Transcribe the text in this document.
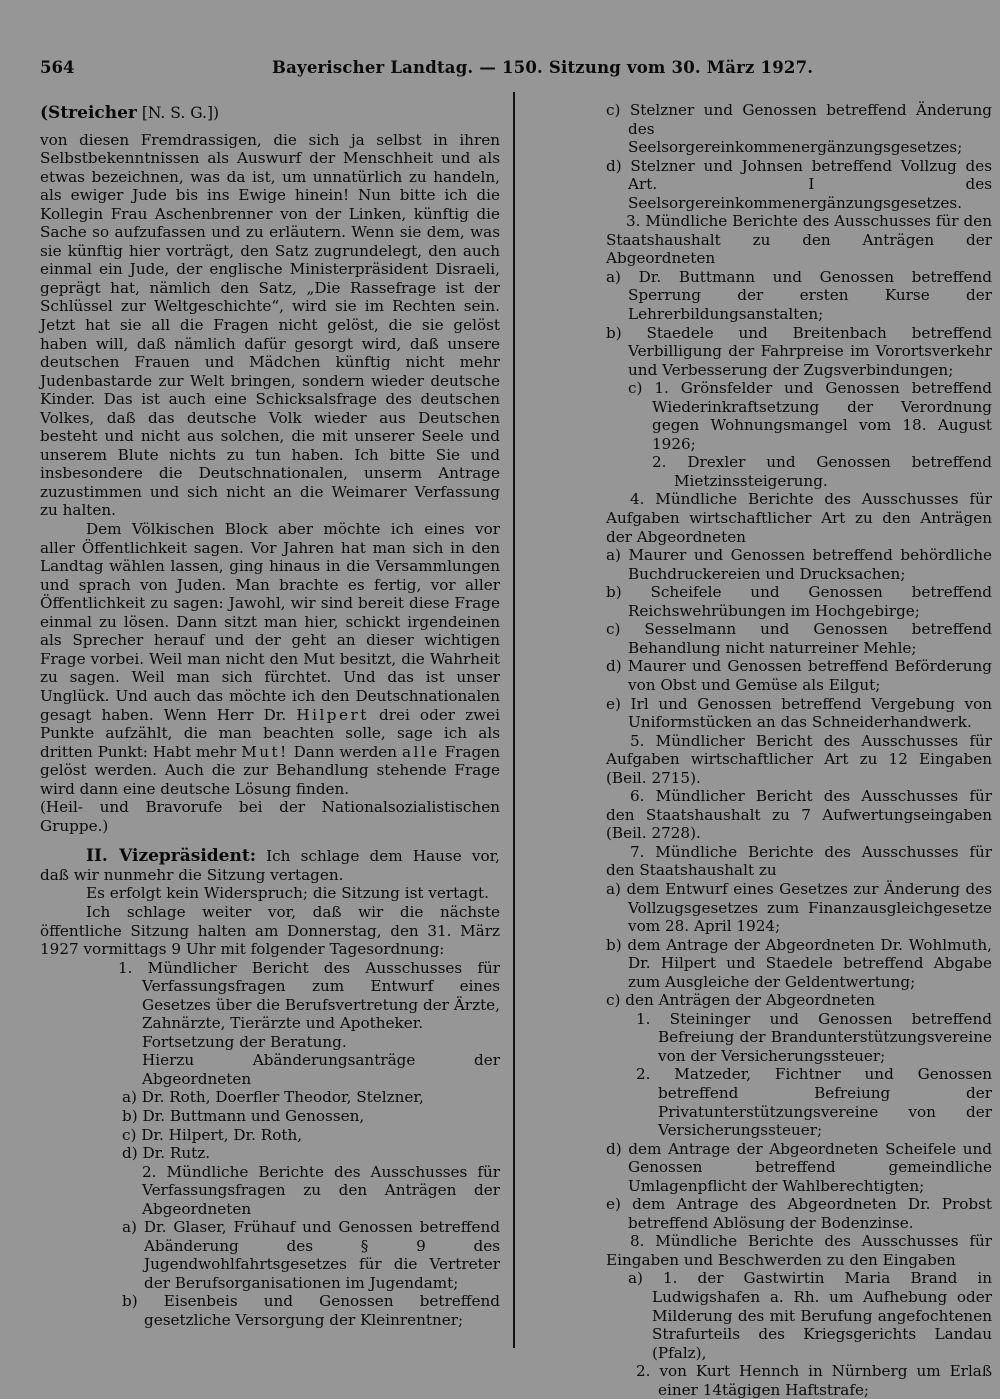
564	Bayerischer Landtag. — 150. Sitzung vom 30. März 1927.

(Streicher [N. S. G.])

von diesen Fremdrassigen, die sich ja selbst in ihren Selbstbekenntnissen als Auswurf der Menschheit und als etwas bezeichnen, was da ist, um unnatürlich zu handeln, als ewiger Jude bis ins Ewige hinein! Nun bitte ich die Kollegin Frau Aschenbrenner von der Linken, künftig die Sache so aufzufassen und zu erläutern. Wenn sie dem, was sie künftig hier vorträgt, den Satz zugrundelegt, den auch einmal ein Jude, der englische Ministerpräsident Disraeli, geprägt hat, nämlich den Satz, „Die Rassefrage ist der Schlüssel zur Weltgeschichte“, wird sie im Rechten sein. Jetzt hat sie all die Fragen nicht gelöst, die sie gelöst haben will, daß nämlich dafür gesorgt wird, daß unsere deutschen Frauen und Mädchen künftig nicht mehr Judenbastarde zur Welt bringen, sondern wieder deutsche Kinder. Das ist auch eine Schicksalsfrage des deutschen Volkes, daß das deutsche Volk wieder aus Deutschen besteht und nicht aus solchen, die mit unserer Seele und unserem Blute nichts zu tun haben. Ich bitte Sie und insbesondere die Deutschnationalen, unserm Antrage zuzustimmen und sich nicht an die Weimarer Verfassung zu halten.

Dem Völkischen Block aber möchte ich eines vor aller Öffentlichkeit sagen. Vor Jahren hat man sich in den Landtag wählen lassen, ging hinaus in die Versammlungen und sprach von Juden. Man brachte es fertig, vor aller Öffentlichkeit zu sagen: Jawohl, wir sind bereit diese Frage einmal zu lösen. Dann sitzt man hier, schickt irgendeinen als Sprecher herauf und der geht an dieser wichtigen Frage vorbei. Weil man nicht den Mut besitzt, die Wahrheit zu sagen. Weil man sich fürchtet. Und das ist unser Unglück. Und auch das möchte ich den Deutschnationalen gesagt haben. Wenn Herr Dr. Hilpert drei oder zwei Punkte aufzählt, die man beachten solle, sage ich als dritten Punkt: Habt mehr Mut! Dann werden alle Fragen gelöst werden. Auch die zur Behandlung stehende Frage wird dann eine deutsche Lösung finden.

(Heil- und Bravorufe bei der Nationalsozialistischen Gruppe.)

II. Vizepräsident: Ich schlage dem Hause vor, daß wir nunmehr die Sitzung vertagen.

Es erfolgt kein Widerspruch; die Sitzung ist vertagt.

Ich schlage weiter vor, daß wir die nächste öffentliche Sitzung halten am Donnerstag, den 31. März 1927 vormittags 9 Uhr mit folgender Tagesordnung:

1. Mündlicher Bericht des Ausschusses für Verfassungsfragen zum Entwurf eines Gesetzes über die Berufsvertretung der Ärzte, Zahnärzte, Tierärzte und Apotheker.

Fortsetzung der Beratung.

Hierzu Abänderungsanträge der Abgeordneten

a) Dr. Roth, Doerfler Theodor, Stelzner,

b) Dr. Buttmann und Genossen,

c) Dr. Hilpert, Dr. Roth,

d) Dr. Rutz.

2. Mündliche Berichte des Ausschusses für Verfassungsfragen zu den Anträgen der Abgeordneten

a) Dr. Glaser, Frühauf und Genossen betreffend Abänderung des § 9 des Jugendwohlfahrtsgesetzes für die Vertreter der Berufsorganisationen im Jugendamt;

b) Eisenbeis und Genossen betreffend gesetzliche Versorgung der Kleinrentner;

c) Stelzner und Genossen betreffend Änderung des Seelsorgereinkommenergänzungsgesetzes;

d) Stelzner und Johnsen betreffend Vollzug des Art. I des Seelsorgereinkommenergänzungsgesetzes.

3. Mündliche Berichte des Ausschusses für den Staatshaushalt zu den Anträgen der Abgeordneten

a) Dr. Buttmann und Genossen betreffend Sperrung der ersten Kurse der Lehrerbildungsanstalten;

b) Staedele und Breitenbach betreffend Verbilligung der Fahrpreise im Vorortsverkehr und Verbesserung der Zugsverbindungen;

c) 1. Grönsfelder und Genossen betreffend Wiederinkraftsetzung der Verordnung gegen Wohnungsmangel vom 18. August 1926;

2. Drexler und Genossen betreffend Mietzinssteigerung.

4. Mündliche Berichte des Ausschusses für Aufgaben wirtschaftlicher Art zu den Anträgen der Abgeordneten

a) Maurer und Genossen betreffend behördliche Buchdruckereien und Drucksachen;

b) Scheifele und Genossen betreffend Reichswehrübungen im Hochgebirge;

c) Sesselmann und Genossen betreffend Behandlung nicht naturreiner Mehle;

d) Maurer und Genossen betreffend Beförderung von Obst und Gemüse als Eilgut;

e) Irl und Genossen betreffend Vergebung von Uniformstücken an das Schneiderhandwerk.

5. Mündlicher Bericht des Ausschusses für Aufgaben wirtschaftlicher Art zu 12 Eingaben (Beil. 2715).

6. Mündlicher Bericht des Ausschusses für den Staatshaushalt zu 7 Aufwertungseingaben (Beil. 2728).

7. Mündliche Berichte des Ausschusses für den Staatshaushalt zu

a) dem Entwurf eines Gesetzes zur Änderung des Vollzugsgesetzes zum Finanzausgleichgesetze vom 28. April 1924;

b) dem Antrage der Abgeordneten Dr. Wohlmuth, Dr. Hilpert und Staedele betreffend Abgabe zum Ausgleiche der Geldentwertung;

c) den Anträgen der Abgeordneten

1. Steininger und Genossen betreffend Befreiung der Brandunterstützungsvereine von der Versicherungssteuer;

2. Matzeder, Fichtner und Genossen betreffend Befreiung der Privatunterstützungsvereine von der Versicherungssteuer;

d) dem Antrage der Abgeordneten Scheifele und Genossen betreffend gemeindliche Umlagenpflicht der Wahlberechtigten;

e) dem Antrage des Abgeordneten Dr. Probst betreffend Ablösung der Bodenzinse.

8. Mündliche Berichte des Ausschusses für Eingaben und Beschwerden zu den Eingaben

a) 1. der Gastwirtin Maria Brand in Ludwigshafen a. Rh. um Aufhebung oder Milderung des mit Berufung angefochtenen Strafurteils des Kriegsgerichts Landau (Pfalz),

2. von Kurt Hennch in Nürnberg um Erlaß einer 14tägigen Haftstrafe;
